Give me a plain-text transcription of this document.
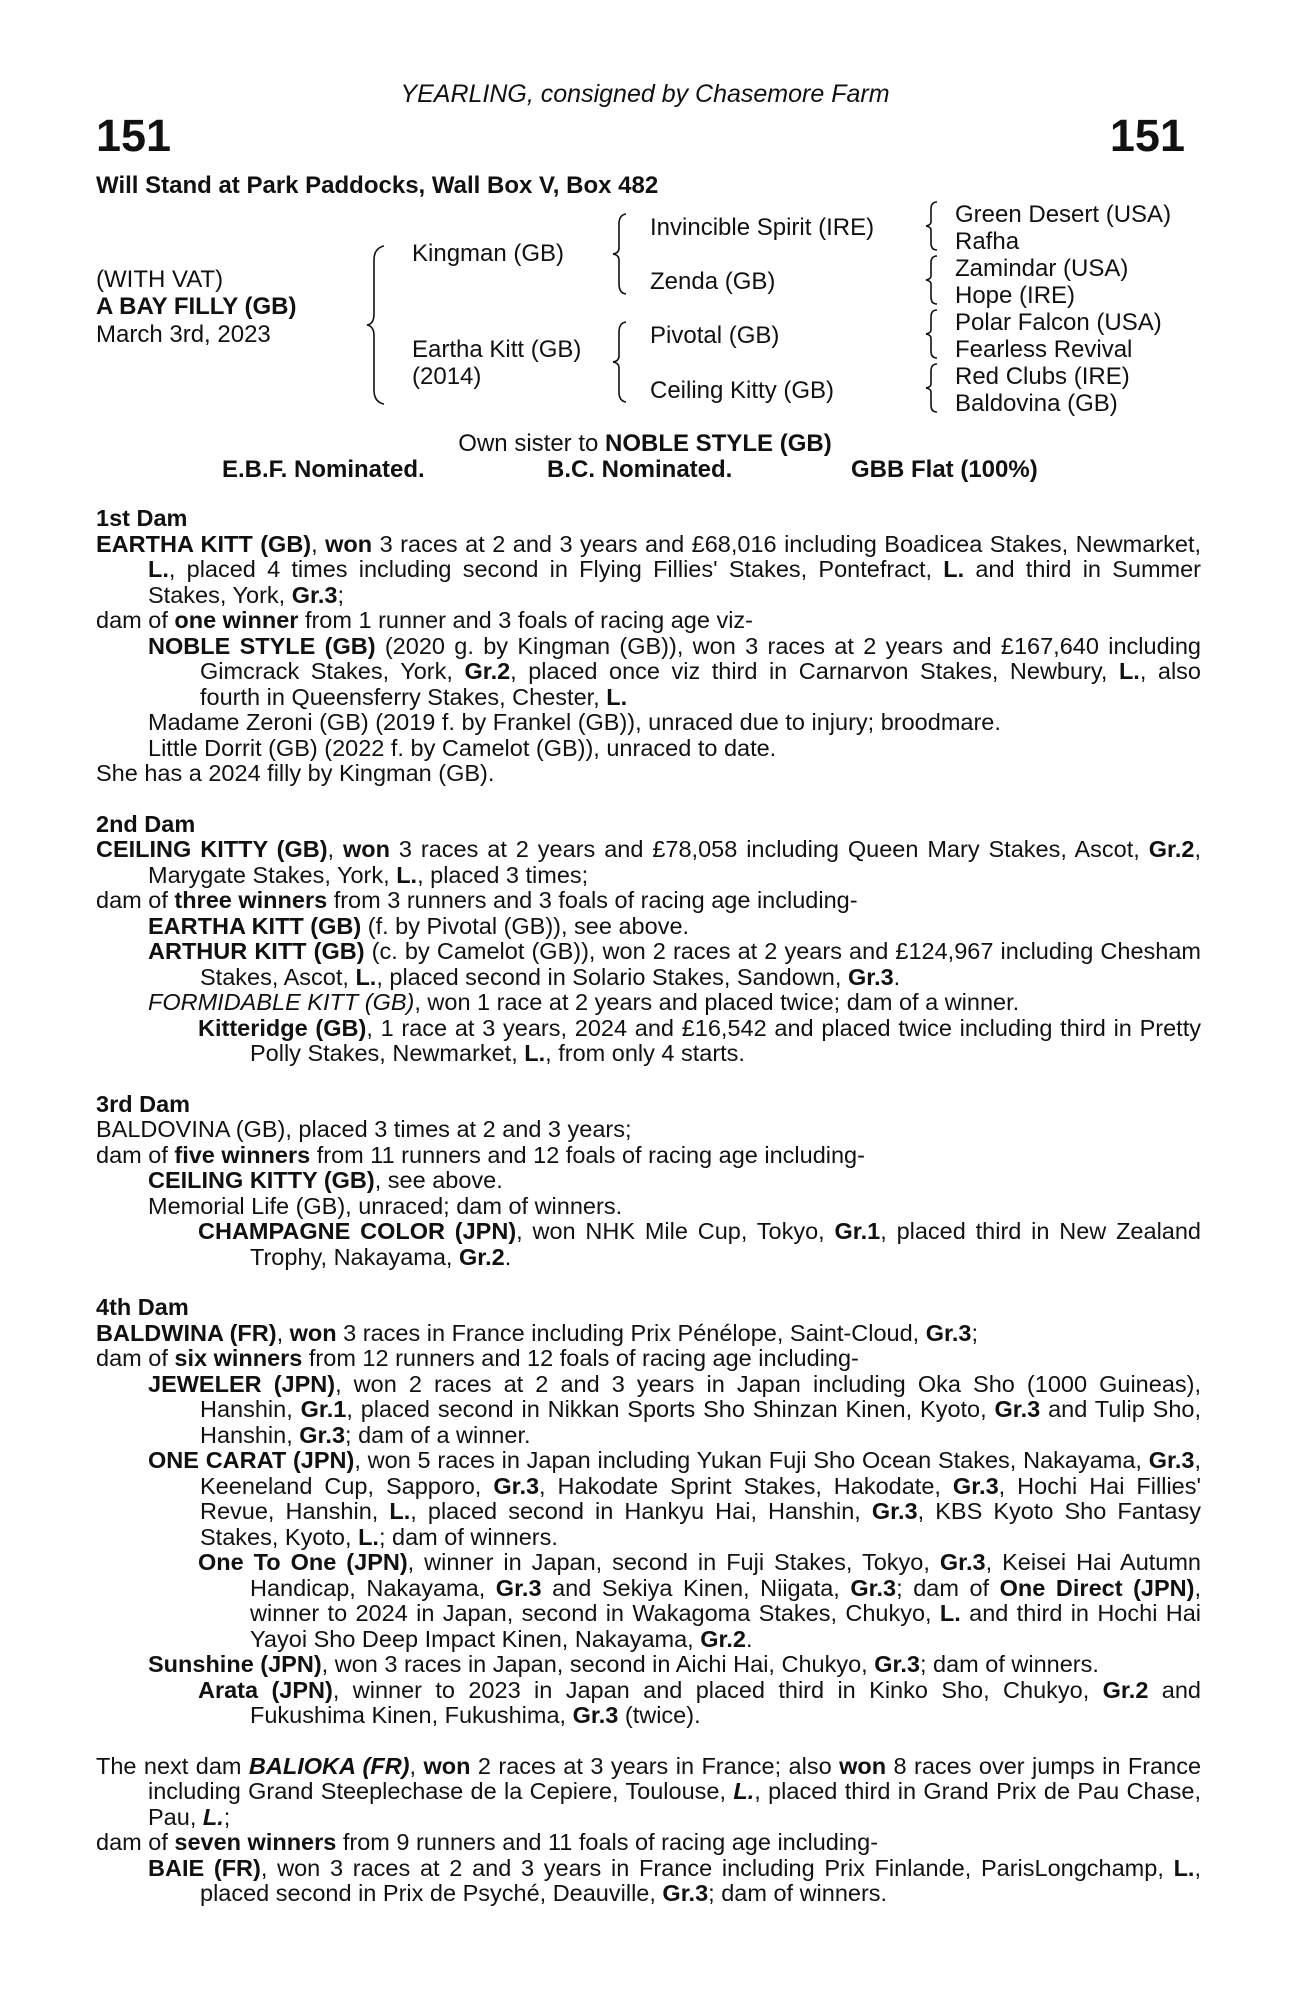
YEARLING, consigned by Chasemore Farm
151	151
Will Stand at Park Paddocks, Wall Box V, Box 482
(WITH VAT)
A BAY FILLY (GB)
March 3rd, 2023
Kingman (GB)
Eartha Kitt (GB)
(2014)
Invincible Spirit (IRE)
Zenda (GB)
Pivotal (GB)
Ceiling Kitty (GB)
Green Desert (USA)
Rafha
Zamindar (USA)
Hope (IRE)
Polar Falcon (USA)
Fearless Revival
Red Clubs (IRE)
Baldovina (GB)
Own sister to NOBLE STYLE (GB)
E.B.F. Nominated.	B.C. Nominated.	GBB Flat (100%)
1st Dam
EARTHA KITT (GB), won 3 races at 2 and 3 years and £68,016 including Boadicea Stakes, Newmarket, L., placed 4 times including second in Flying Fillies' Stakes, Pontefract, L. and third in Summer Stakes, York, Gr.3;
dam of one winner from 1 runner and 3 foals of racing age viz-
NOBLE STYLE (GB) (2020 g. by Kingman (GB)), won 3 races at 2 years and £167,640 including Gimcrack Stakes, York, Gr.2, placed once viz third in Carnarvon Stakes, Newbury, L., also fourth in Queensferry Stakes, Chester, L.
Madame Zeroni (GB) (2019 f. by Frankel (GB)), unraced due to injury; broodmare.
Little Dorrit (GB) (2022 f. by Camelot (GB)), unraced to date.
She has a 2024 filly by Kingman (GB).
2nd Dam
CEILING KITTY (GB), won 3 races at 2 years and £78,058 including Queen Mary Stakes, Ascot, Gr.2, Marygate Stakes, York, L., placed 3 times;
dam of three winners from 3 runners and 3 foals of racing age including-
EARTHA KITT (GB) (f. by Pivotal (GB)), see above.
ARTHUR KITT (GB) (c. by Camelot (GB)), won 2 races at 2 years and £124,967 including Chesham Stakes, Ascot, L., placed second in Solario Stakes, Sandown, Gr.3.
FORMIDABLE KITT (GB), won 1 race at 2 years and placed twice; dam of a winner.
Kitteridge (GB), 1 race at 3 years, 2024 and £16,542 and placed twice including third in Pretty Polly Stakes, Newmarket, L., from only 4 starts.
3rd Dam
BALDOVINA (GB), placed 3 times at 2 and 3 years;
dam of five winners from 11 runners and 12 foals of racing age including-
CEILING KITTY (GB), see above.
Memorial Life (GB), unraced; dam of winners.
CHAMPAGNE COLOR (JPN), won NHK Mile Cup, Tokyo, Gr.1, placed third in New Zealand Trophy, Nakayama, Gr.2.
4th Dam
BALDWINA (FR), won 3 races in France including Prix Pénélope, Saint-Cloud, Gr.3;
dam of six winners from 12 runners and 12 foals of racing age including-
JEWELER (JPN), won 2 races at 2 and 3 years in Japan including Oka Sho (1000 Guineas), Hanshin, Gr.1, placed second in Nikkan Sports Sho Shinzan Kinen, Kyoto, Gr.3 and Tulip Sho, Hanshin, Gr.3; dam of a winner.
ONE CARAT (JPN), won 5 races in Japan including Yukan Fuji Sho Ocean Stakes, Nakayama, Gr.3, Keeneland Cup, Sapporo, Gr.3, Hakodate Sprint Stakes, Hakodate, Gr.3, Hochi Hai Fillies' Revue, Hanshin, L., placed second in Hankyu Hai, Hanshin, Gr.3, KBS Kyoto Sho Fantasy Stakes, Kyoto, L.; dam of winners.
One To One (JPN), winner in Japan, second in Fuji Stakes, Tokyo, Gr.3, Keisei Hai Autumn Handicap, Nakayama, Gr.3 and Sekiya Kinen, Niigata, Gr.3; dam of One Direct (JPN), winner to 2024 in Japan, second in Wakagoma Stakes, Chukyo, L. and third in Hochi Hai Yayoi Sho Deep Impact Kinen, Nakayama, Gr.2.
Sunshine (JPN), won 3 races in Japan, second in Aichi Hai, Chukyo, Gr.3; dam of winners.
Arata (JPN), winner to 2023 in Japan and placed third in Kinko Sho, Chukyo, Gr.2 and Fukushima Kinen, Fukushima, Gr.3 (twice).
The next dam BALIOKA (FR), won 2 races at 3 years in France; also won 8 races over jumps in France including Grand Steeplechase de la Cepiere, Toulouse, L., placed third in Grand Prix de Pau Chase, Pau, L.;
dam of seven winners from 9 runners and 11 foals of racing age including-
BAIE (FR), won 3 races at 2 and 3 years in France including Prix Finlande, ParisLongchamp, L., placed second in Prix de Psyché, Deauville, Gr.3; dam of winners.
